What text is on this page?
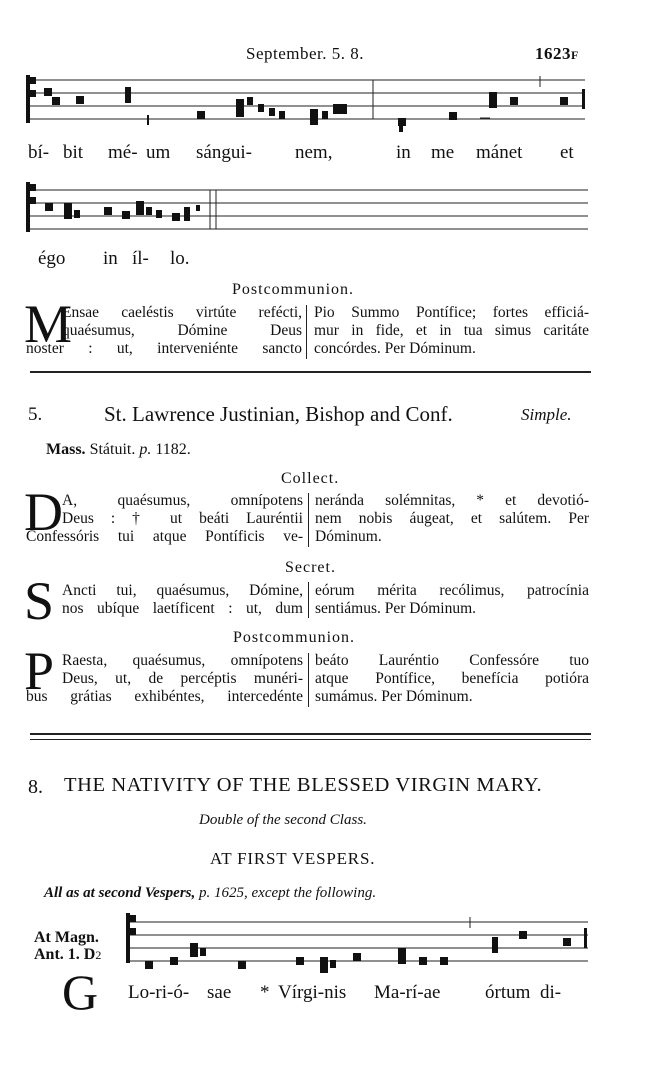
September. 5. 8.	1623F
bí- bit mé- um sángui- nem,	in me mánet et
égo in íl- lo.
Postcommunion.
M
Ensae caeléstis virtúte refécti,
quaésumus, Dómine Deus
noster : ut, interveniénte sancto
Pio Summo Pontífice; fortes efficiá-
mur in fide, et in tua simus caritáte
concórdes. Per Dóminum.
5.	St. Lawrence Justinian, Bishop and Conf.	Simple.
Mass. Státuit. p. 1182.
Collect.
D A, quaésumus, omnípotens
Deus : † ut beáti Lauréntii
Confessóris tui atque Pontíficis ve-
neránda solémnitas, * et devotió-
nem nobis áugeat, et salútem. Per
Dóminum.
Secret.
S Ancti tui, quaésumus, Dómine,
nos ubíque laetíficent : ut, dum
eórum mérita recólimus, patrocínia
sentiámus. Per Dóminum.
Postcommunion.
P Raesta, quaésumus, omnípotens
Deus, ut, de percéptis munéri-
bus grátias exhibéntes, intercedénte
beáto Lauréntio Confessóre tuo
atque Pontífice, benefícia potióra
sumámus. Per Dóminum.
8. THE NATIVITY OF THE BLESSED VIRGIN MARY.
Double of the second Class.
AT FIRST VESPERS.
All as at second Vespers, p. 1625, except the following.
At Magn.
Ant. 1. D2
G Lo-ri-ó- sae * Vírgi-nis Ma-rí-ae órtum di-
